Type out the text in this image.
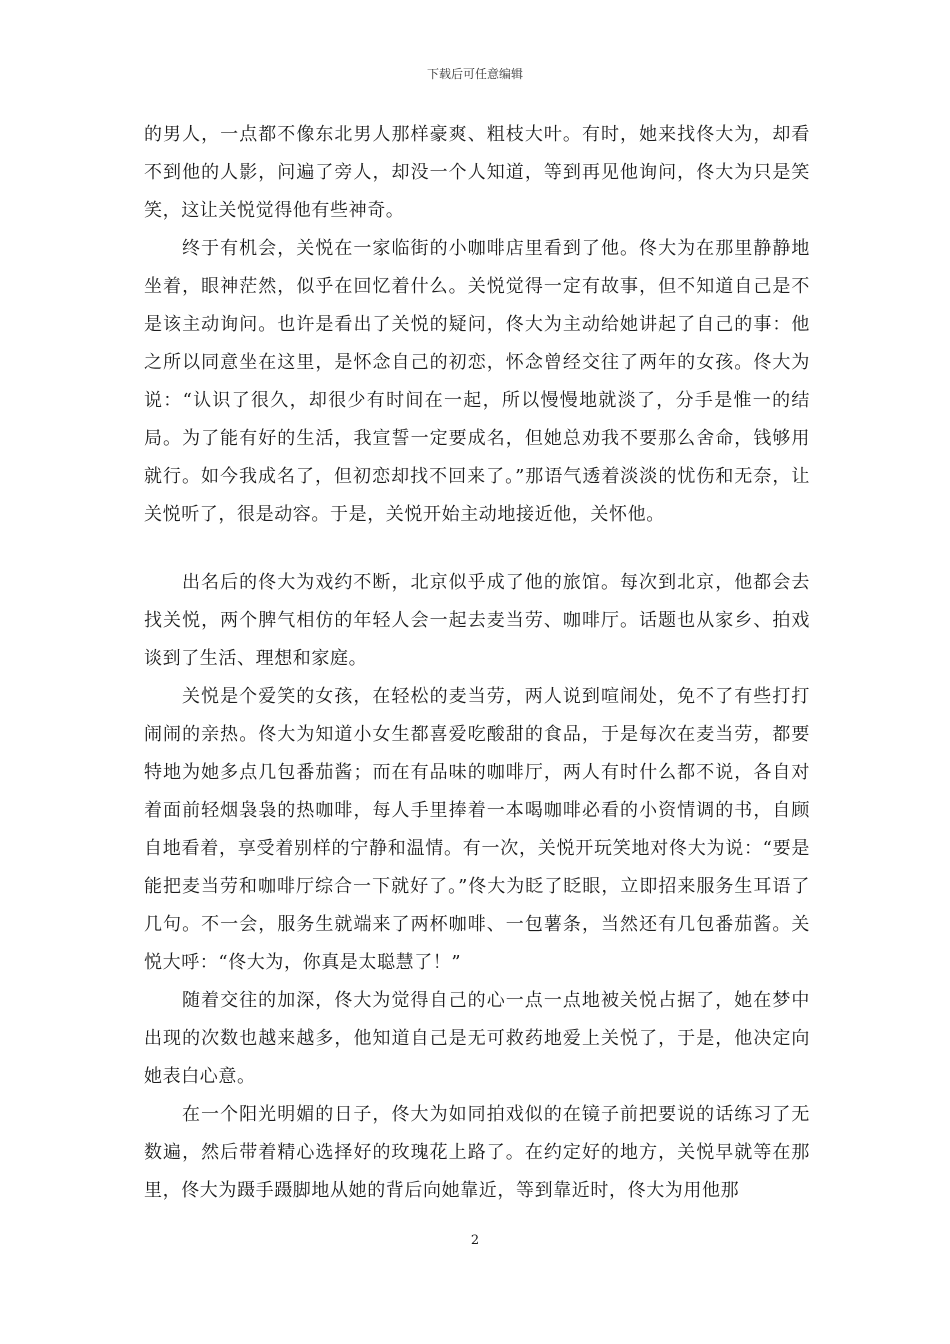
下载后可任意编辑

的男人，一点都不像东北男人那样豪爽、粗枝大叶。有时，她来找佟大为，却看不到他的人影，问遍了旁人，却没一个人知道，等到再见他询问，佟大为只是笑笑，这让关悦觉得他有些神奇。

终于有机会，关悦在一家临街的小咖啡店里看到了他。佟大为在那里静静地坐着，眼神茫然，似乎在回忆着什么。关悦觉得一定有故事，但不知道自己是不是该主动询问。也许是看出了关悦的疑问，佟大为主动给她讲起了自己的事：他之所以同意坐在这里，是怀念自己的初恋，怀念曾经交往了两年的女孩。佟大为说：“认识了很久，却很少有时间在一起，所以慢慢地就淡了，分手是惟一的结局。为了能有好的生活，我宣誓一定要成名，但她总劝我不要那么舍命，钱够用就行。如今我成名了，但初恋却找不回来了。”那语气透着淡淡的忧伤和无奈，让关悦听了，很是动容。于是，关悦开始主动地接近他，关怀他。

出名后的佟大为戏约不断，北京似乎成了他的旅馆。每次到北京，他都会去找关悦，两个脾气相仿的年轻人会一起去麦当劳、咖啡厅。话题也从家乡、拍戏谈到了生活、理想和家庭。

关悦是个爱笑的女孩，在轻松的麦当劳，两人说到喧闹处，免不了有些打打闹闹的亲热。佟大为知道小女生都喜爱吃酸甜的食品，于是每次在麦当劳，都要特地为她多点几包番茄酱；而在有品味的咖啡厅，两人有时什么都不说，各自对着面前轻烟袅袅的热咖啡，每人手里捧着一本喝咖啡必看的小资情调的书，自顾自地看着，享受着别样的宁静和温情。有一次，关悦开玩笑地对佟大为说：“要是能把麦当劳和咖啡厅综合一下就好了。”佟大为眨了眨眼，立即招来服务生耳语了几句。不一会，服务生就端来了两杯咖啡、一包薯条，当然还有几包番茄酱。关悦大呼：“佟大为，你真是太聪慧了！”

随着交往的加深，佟大为觉得自己的心一点一点地被关悦占据了，她在梦中出现的次数也越来越多，他知道自己是无可救药地爱上关悦了，于是，他决定向她表白心意。

在一个阳光明媚的日子，佟大为如同拍戏似的在镜子前把要说的话练习了无数遍，然后带着精心选择好的玫瑰花上路了。在约定好的地方，关悦早就等在那里，佟大为蹑手蹑脚地从她的背后向她靠近，等到靠近时，佟大为用他那

2
